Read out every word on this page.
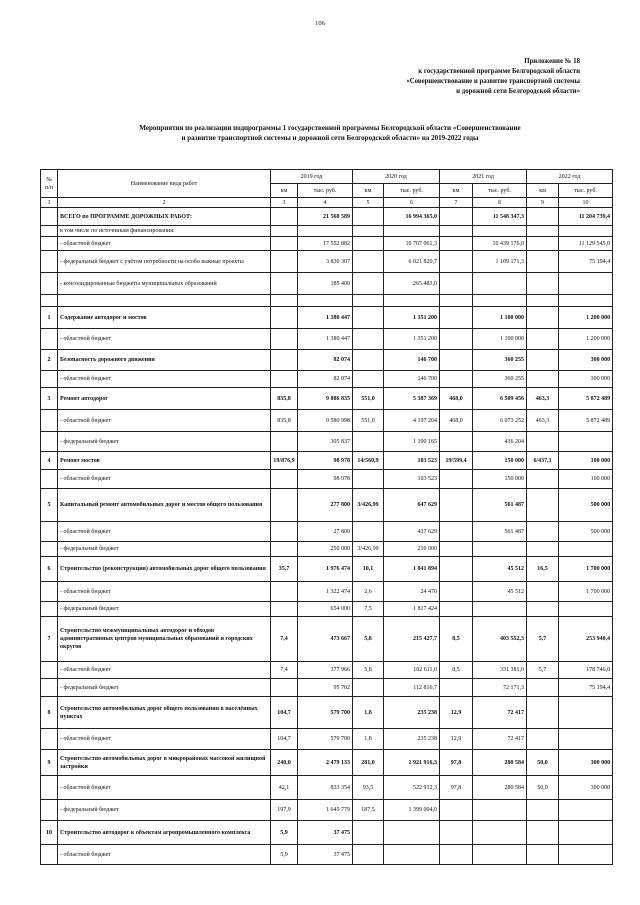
106
Приложение № 18
к государственной программе Белгородской области
«Совершенствование и развитие транспортной системы
и дорожной сети Белгородской области»
Мероприятия по реализации подпрограммы 1 государственной программы Белгородской области «Совершенствование
и развитие транспортной системы и дорожной сети Белгородской области» на 2019-2022 годы
№ п/п	Наименование вида работ	2019 год		2020 год		2021 год		2022 год	
		км	тыс. руб.	км	тыс. руб.	км	тыс. руб.	км	тыс. руб.
1	2	3	4	5	6	7	8	9	10
	ВСЕГО по ПРОГРАММЕ ДОРОЖНЫХ РАБОТ:		21 568 589		16 994 365,0		11 548 347,3		11 204 739,4
	в том числе по источникам финансирования:								
	- областной бюджет		17 552 882		10 707 061,3		10 439 176,0		11 129 545,0
	- федеральный бюджет с учётом потребности на особо важные проекты		3 830 307		6 021 820,7		1 109 171,3		75 194,4
	- консолидированные бюджеты муниципальных образований		185 400		265 483,0				

1	Содержание автодорог и мостов		1 380 447		1 351 200		1 100 000		1 200 000
	- областной бюджет		1 380 447		1 351 200		1 100 000		1 200 000
2	Безопасность дорожного движения		82 074		146 700		360 255		300 000
	- областной бюджет		82 074		146 700		360 255		300 000
3	Ремонт автодорог	835,8	9 886 835	551,0	5 387 369	468,0	6 509 456	463,3	5 872 489
	- областной бюджет	835,8	9 580 998	551,0	4 197 204	468,0	6 073 252	463,3	5 872 489
	- федеральный бюджет		305 837		1 190 165		436 204		
4	Ремонт мостов	19/876,9	98 978	14/560,9	103 523	19/599,4	150 000	6/437,1	100 000
	- областной бюджет		98 978		103 523		150 000		100 000
5	Капитальный ремонт автомобильных дорог и мостов общего пользования		277 800	3/426,99	647 629		561 487		500 000
	- областной бюджет		27 800		437 629		561 487		500 000
	- федеральный бюджет		250 000	3/426,99	210 000				
6	Строительство (реконструкция) автомобильных дорог общего пользования	35,7	1 976 474	10,1	1 841 894		45 512	16,5	1 700 000
	- областной бюджет		1 322 474	2,6	24 470		45 512		1 700 000
	- федеральный бюджет		654 000	7,5	1 817 424				
7	Строительство межмуниципальных автодорог и обходов административных центров муниципальных образований и городских округов	7,4	473 667	5,8	215 427,7	8,5	403 552,3	5,7	253 940,4
	- областной бюджет	7,4	377 966	5,8	102 611,0	8,5	331 381,0	5,7	178 746,0
	- федеральный бюджет		95 702		112 816,7		72 171,3		75 194,4
8	Строительство автомобильных дорог общего пользования в населённых пунктах	104,7	579 700	1,8	235 238	12,9	72 417		
	- областной бюджет	104,7	579 700	1,8	235 238	12,9	72 417		
9	Строительство автомобильных дорог в микрорайонах массовой жилищной застройки	240,0	2 479 133	281,0	1 921 916,3	97,8	280 584	50,0	300 000
	- областной бюджет	42,1	833 354	93,5	522 912,3	97,8	280 584	50,0	300 000
	- федеральный бюджет	197,9	1 645 779	187,5	1 399 004,0				
10	Строительство автодорог к объектам агропромышленного комплекса	5,9	37 475						
	- областной бюджет	5,9	37 475						
